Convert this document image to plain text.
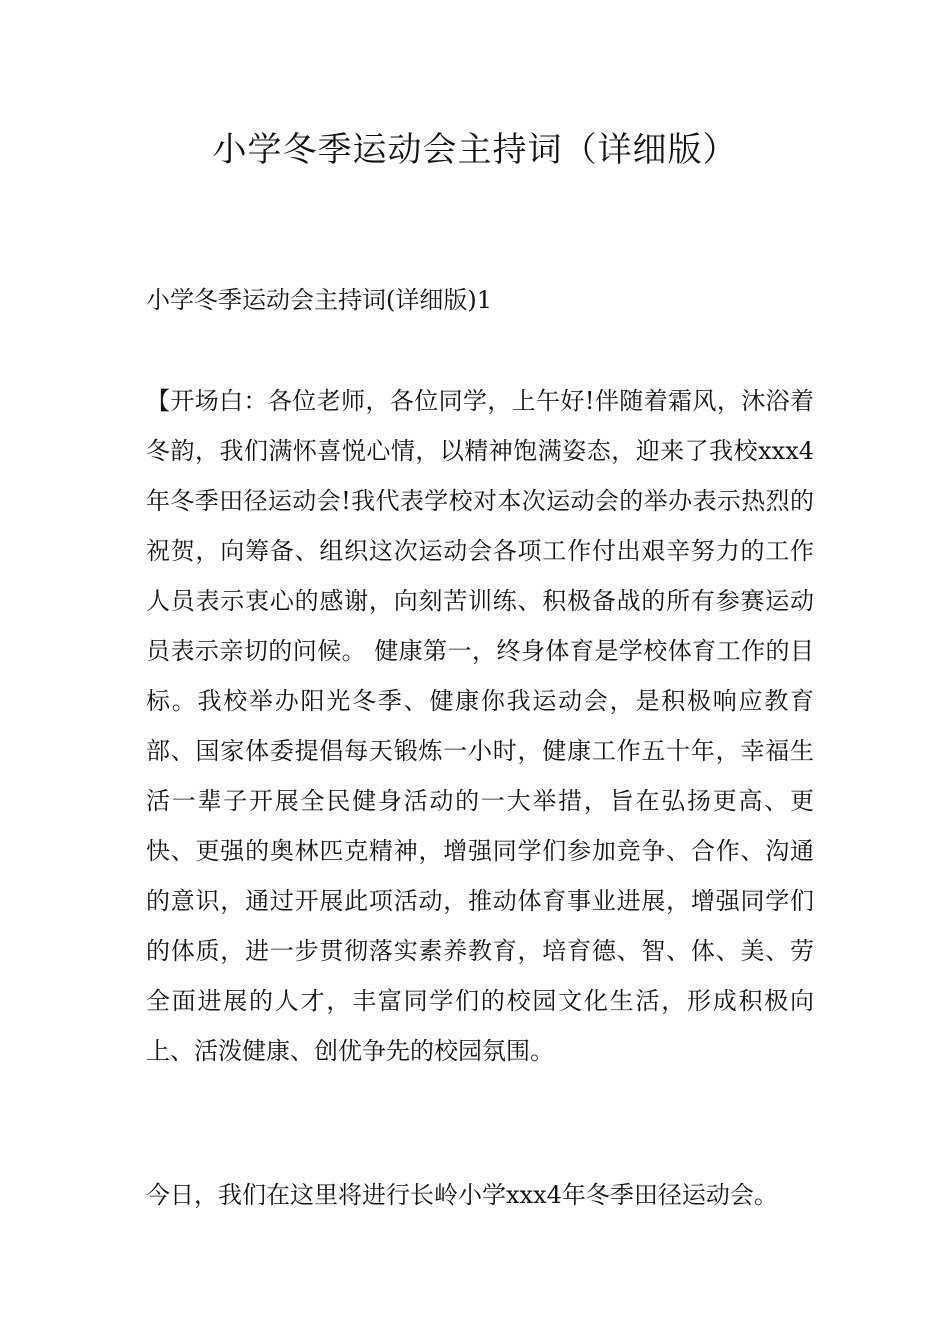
小学冬季运动会主持词（详细版）

小学冬季运动会主持词(详细版)1

【开场白：各位老师，各位同学，上午好!伴随着霜风，沐浴着冬韵，我们满怀喜悦心情，以精神饱满姿态，迎来了我校xxx4年冬季田径运动会!我代表学校对本次运动会的举办表示热烈的祝贺，向筹备、组织这次运动会各项工作付出艰辛努力的工作人员表示衷心的感谢，向刻苦训练、积极备战的所有参赛运动员表示亲切的问候。 健康第一，终身体育是学校体育工作的目标。我校举办阳光冬季、健康你我运动会，是积极响应教育部、国家体委提倡每天锻炼一小时，健康工作五十年，幸福生活一辈子开展全民健身活动的一大举措，旨在弘扬更高、更快、更强的奥林匹克精神，增强同学们参加竞争、合作、沟通的意识，通过开展此项活动，推动体育事业进展，增强同学们的体质，进一步贯彻落实素养教育，培育德、智、体、美、劳全面进展的人才，丰富同学们的校园文化生活，形成积极向上、活泼健康、创优争先的校园氛围。

今日，我们在这里将进行长岭小学xxx4年冬季田径运动会。
